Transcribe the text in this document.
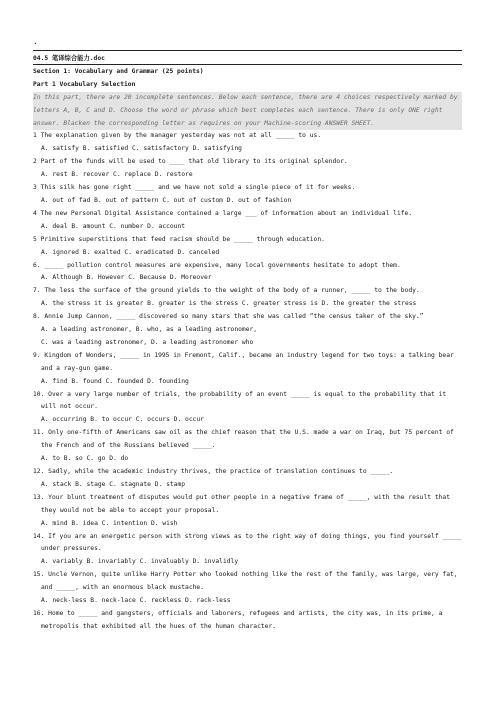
.
04.5 笔译综合能力.doc
Section 1: Vocabulary and Grammar (25 points)
Part 1 Vocabulary Selection
In this part, there are 20 incomplete sentences. Below each sentence, there are 4 choices respectively marked by letters A, B, C and D. Choose the word or phrase which best completes each sentence. There is only ONE right answer. Blacken the corresponding letter as requires on your Machine-scoring ANSWER SHEET.
1 The explanation given by the manager yesterday was not at all _____ to us.
A. satisfy B. satisfied C. satisfactory D. satisfying
2 Part of the funds will be used to ____ that old library to its original splendor.
A. rest B. recover C. replace D. restore
3 This silk has gone right _____ and we have not sold a single piece of it for weeks.
A. out of fad B. out of pattern C. out of custom D. out of fashion
4 The new Personal Digital Assistance contained a large ___ of information about an individual life.
A. deal B. amount C. number D. account
5 Primitive superstitions that feed racism should be _____ through education.
A. ignored B. exalted C. eradicated D. canceled
6. _____ pollution control measures are expensive, many local governments hesitate to adopt them.
A. Although B. However C. Because D. Moreover
7. The less the surface of the ground yields to the weight of the body of a runner, _____ to the body.
A. the stress it is greater B. greater is the stress C. greater stress is D. the greater the stress
8. Annie Jump Cannon, _____ discovered so many stars that she was called “the census taker of the sky.”
A. a leading astronomer, B. who, as a leading astronomer,
C. was a leading astronomer, D. a leading astronomer who
9. Kingdom of Wonders, _____ in 1995 in Fremont, Calif., became an industry legend for two toys: a talking bear
and a ray-gun game.
A. find B. found C. founded D. founding
10. Over a very large number of trials, the probability of an event _____ is equal to the probability that it
will not occur.
A. occurring B. to occur C. occurs D. occur
11. Only one-fifth of Americans saw oil as the chief reason that the U.S. made a war on Iraq, but 75 percent of
the French and of the Russians believed _____.
A. to B. so C. go D. do
12. Sadly, while the academic industry thrives, the practice of translation continues to _____.
A. stack B. stage C. stagnate D. stamp
13. Your blunt treatment of disputes would put other people in a negative frame of _____, with the result that
they would not be able to accept your proposal.
A. mind B. idea C. intention D. wish
14. If you are an energetic person with strong views as to the right way of doing things, you find yourself _____
under pressures.
A. variably B. invariably C. invaluably D. invalidly
15. Uncle Vernon, quite unlike Harry Potter who looked nothing like the rest of the family, was large, very fat,
and _____, with an enormous black mustache.
A. neck-less B. neck-lace C. reckless D. rack-less
16. Home to _____ and gangsters, officials and laborers, refugees and artists, the city was, in its prime, a
metropolis that exhibited all the hues of the human character.
